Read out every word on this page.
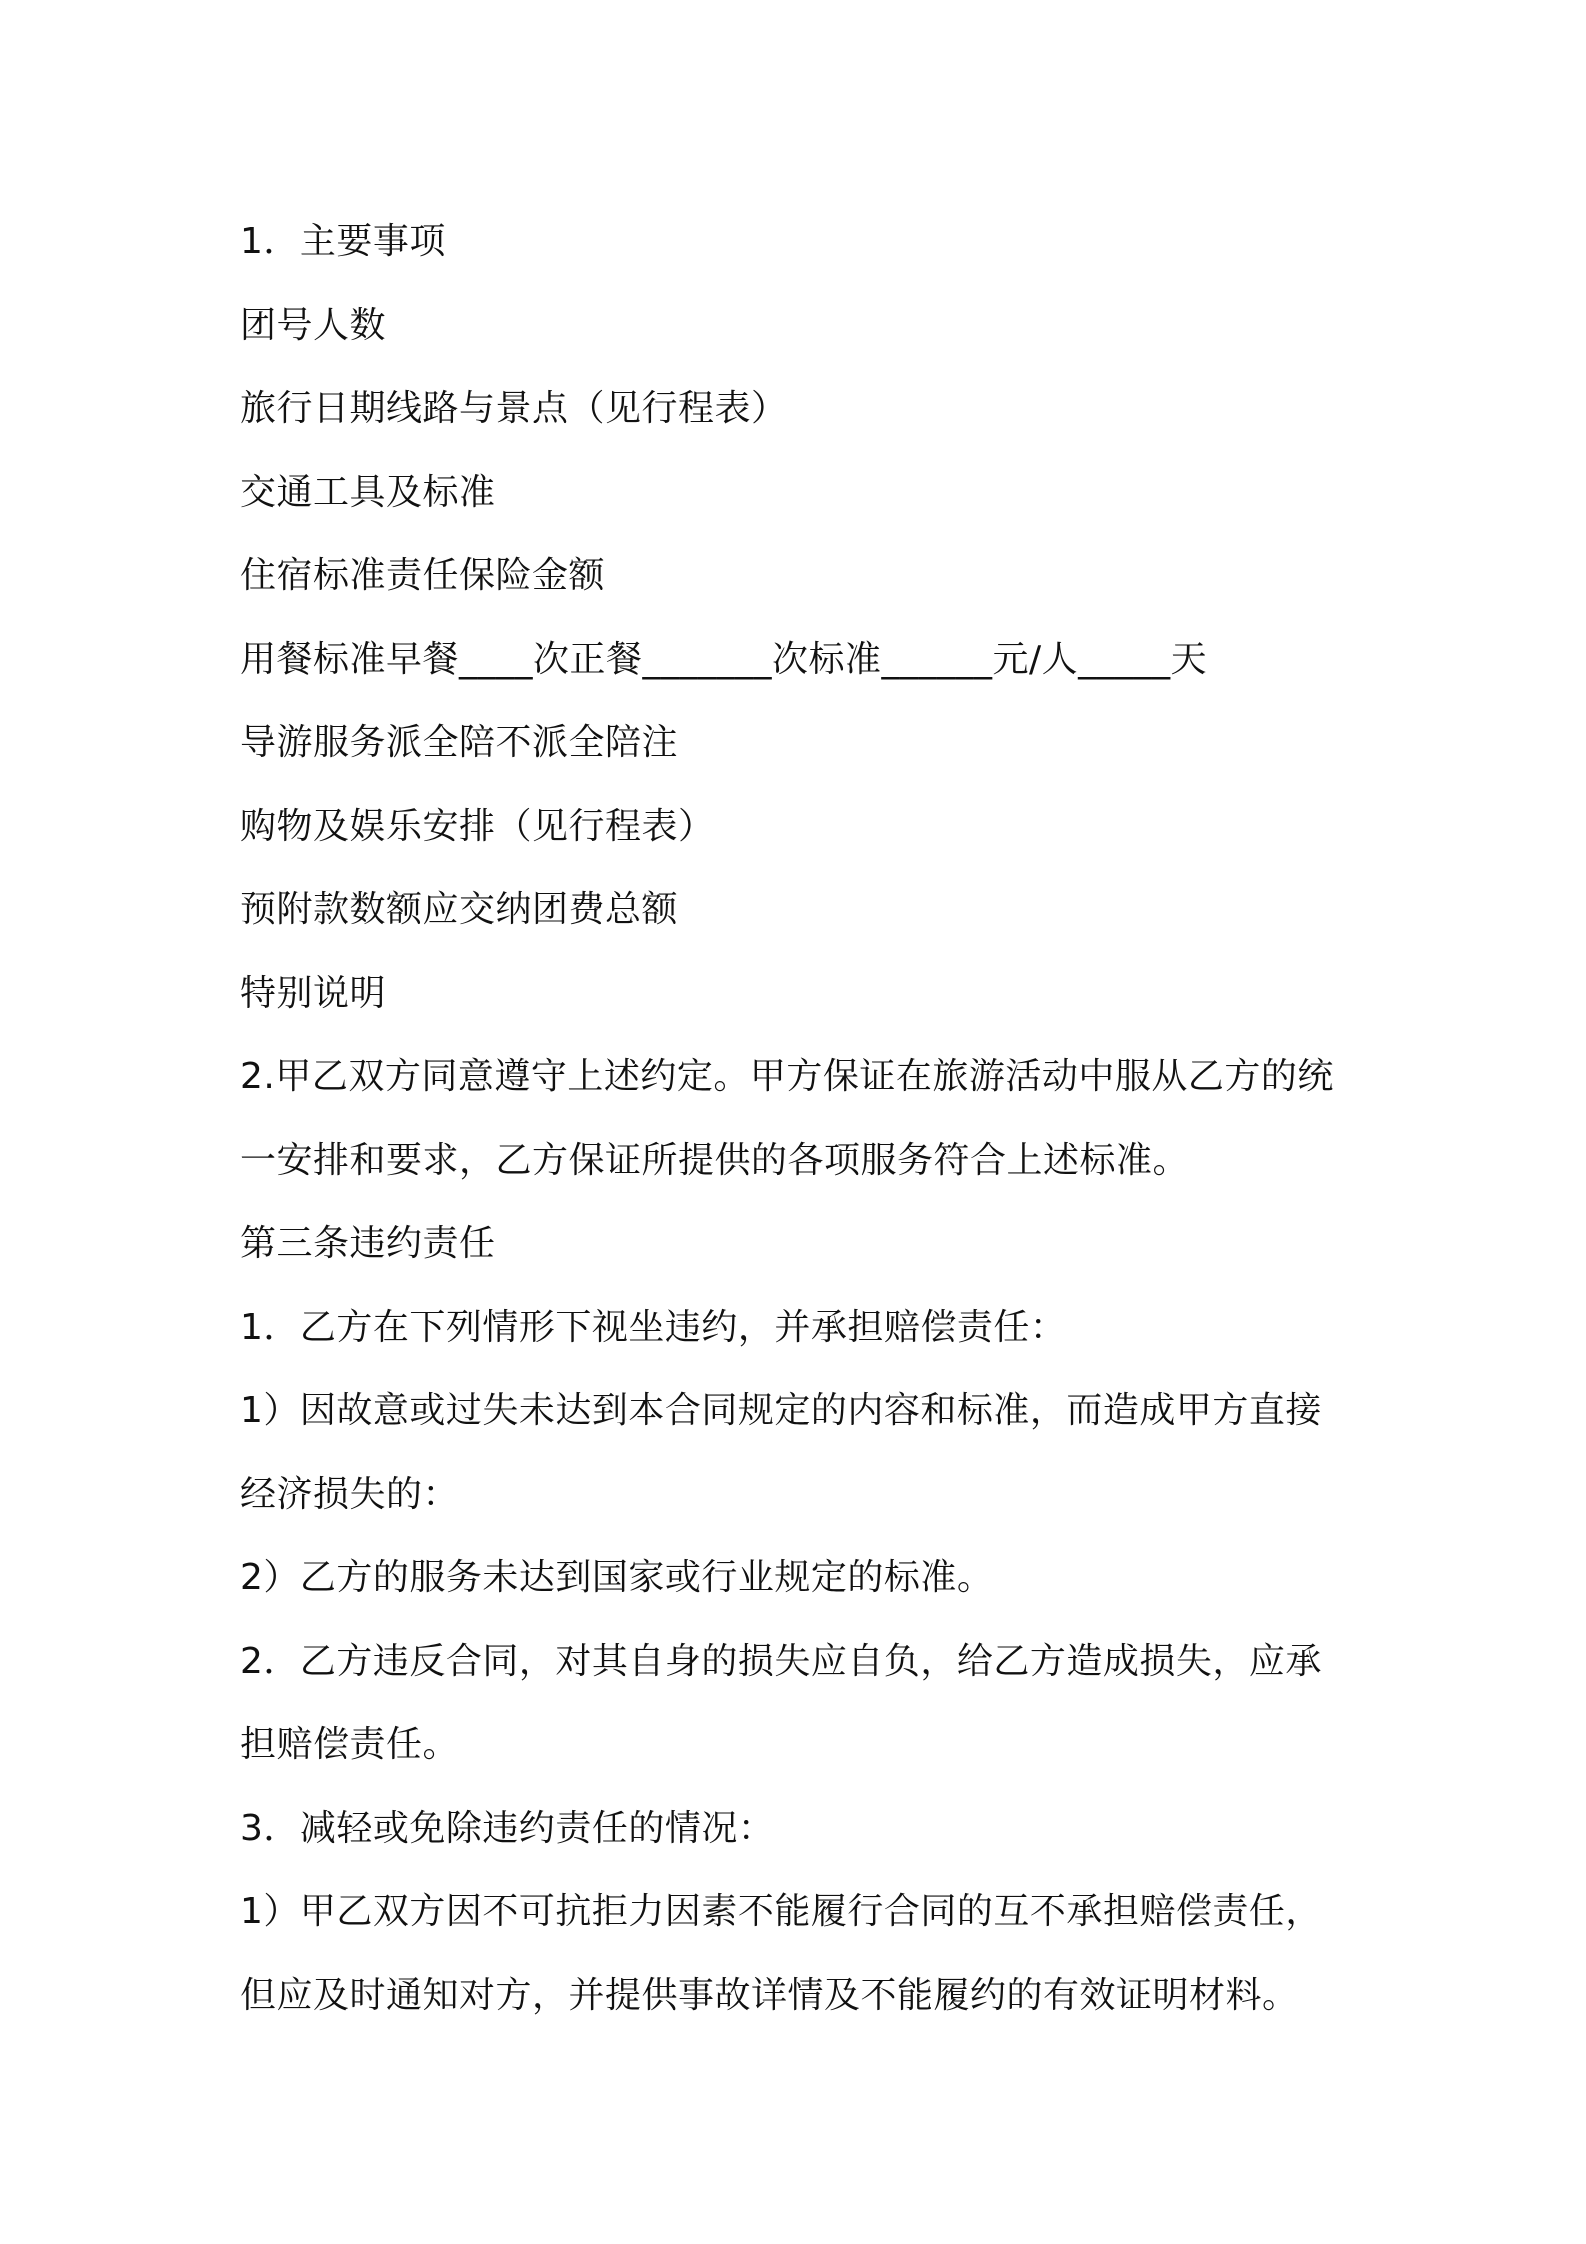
1．主要事项
团号人数
旅行日期线路与景点（见行程表）
交通工具及标准
住宿标准责任保险金额
用餐标准早餐____次正餐_______次标准______元/人_____天
导游服务派全陪不派全陪注
购物及娱乐安排（见行程表）
预附款数额应交纳团费总额
特别说明
2.甲乙双方同意遵守上述约定。甲方保证在旅游活动中服从乙方的统
一安排和要求，乙方保证所提供的各项服务符合上述标准。
第三条违约责任
1．乙方在下列情形下视坐违约，并承担赔偿责任：
1）因故意或过失未达到本合同规定的内容和标准，而造成甲方直接
经济损失的：
2）乙方的服务未达到国家或行业规定的标准。
2．乙方违反合同，对其自身的损失应自负，给乙方造成损失，应承
担赔偿责任。
3．减轻或免除违约责任的情况：
1）甲乙双方因不可抗拒力因素不能履行合同的互不承担赔偿责任，
但应及时通知对方，并提供事故详情及不能履约的有效证明材料。
